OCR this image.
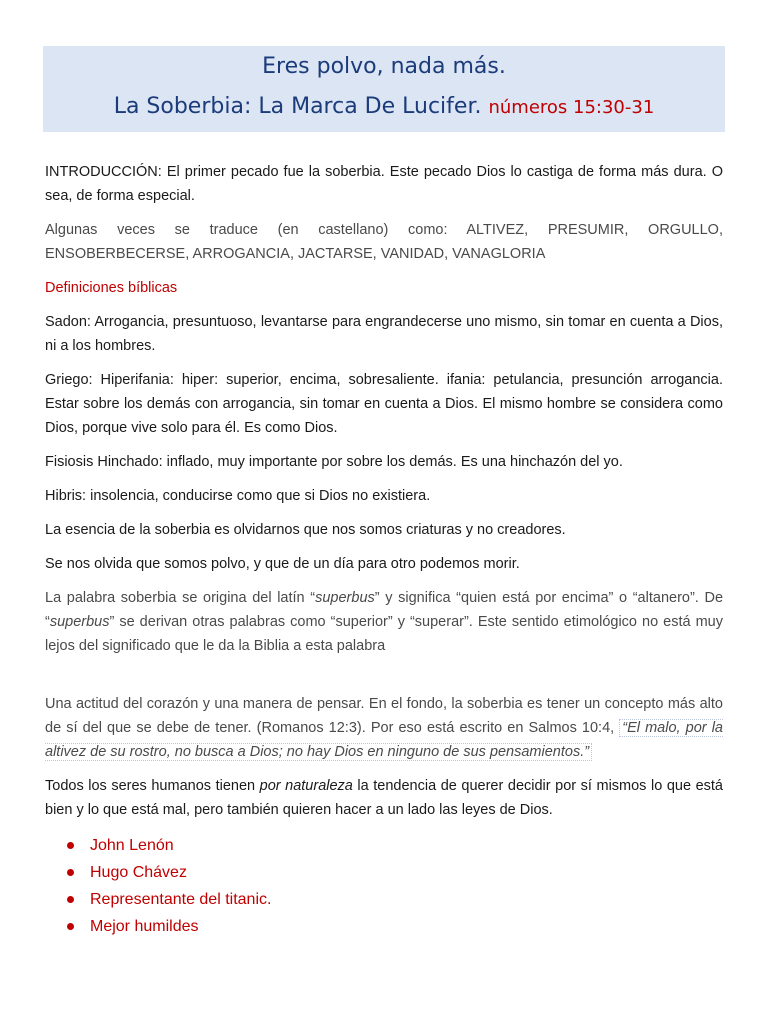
Eres polvo, nada más.
La Soberbia: La Marca De Lucifer. números 15:30-31

INTRODUCCIÓN: El primer pecado fue la soberbia. Este pecado Dios lo castiga de forma más dura. O sea, de forma especial.

Algunas veces se traduce (en castellano) como: ALTIVEZ, PRESUMIR, ORGULLO, ENSOBERBECERSE, ARROGANCIA, JACTARSE, VANIDAD, VANAGLORIA

Definiciones bíblicas

Sadon: Arrogancia, presuntuoso, levantarse para engrandecerse uno mismo, sin tomar en cuenta a Dios, ni a los hombres.

Griego: Hiperifania: hiper: superior, encima, sobresaliente. ifania: petulancia, presunción arrogancia. Estar sobre los demás con arrogancia, sin tomar en cuenta a Dios. El mismo hombre se considera como Dios, porque vive solo para él. Es como Dios.

Fisiosis Hinchado: inflado, muy importante por sobre los demás. Es una hinchazón del yo.

Hibris: insolencia, conducirse como que si Dios no existiera.

La esencia de la soberbia es olvidarnos que nos somos criaturas y no creadores.

Se nos olvida que somos polvo, y que de un día para otro podemos morir.

La palabra soberbia se origina del latín “superbus” y significa “quien está por encima” o “altanero”. De “superbus” se derivan otras palabras como “superior” y “superar”. Este sentido etimológico no está muy lejos del significado que le da la Biblia a esta palabra

Una actitud del corazón y una manera de pensar. En el fondo, la soberbia es tener un concepto más alto de sí del que se debe de tener. (Romanos 12:3). Por eso está escrito en Salmos 10:4, “El malo, por la altivez de su rostro, no busca a Dios; no hay Dios en ninguno de sus pensamientos.”

Todos los seres humanos tienen por naturaleza la tendencia de querer decidir por sí mismos lo que está bien y lo que está mal, pero también quieren hacer a un lado las leyes de Dios.

John Lenón
Hugo Chávez
Representante del titanic.
Mejor humildes
